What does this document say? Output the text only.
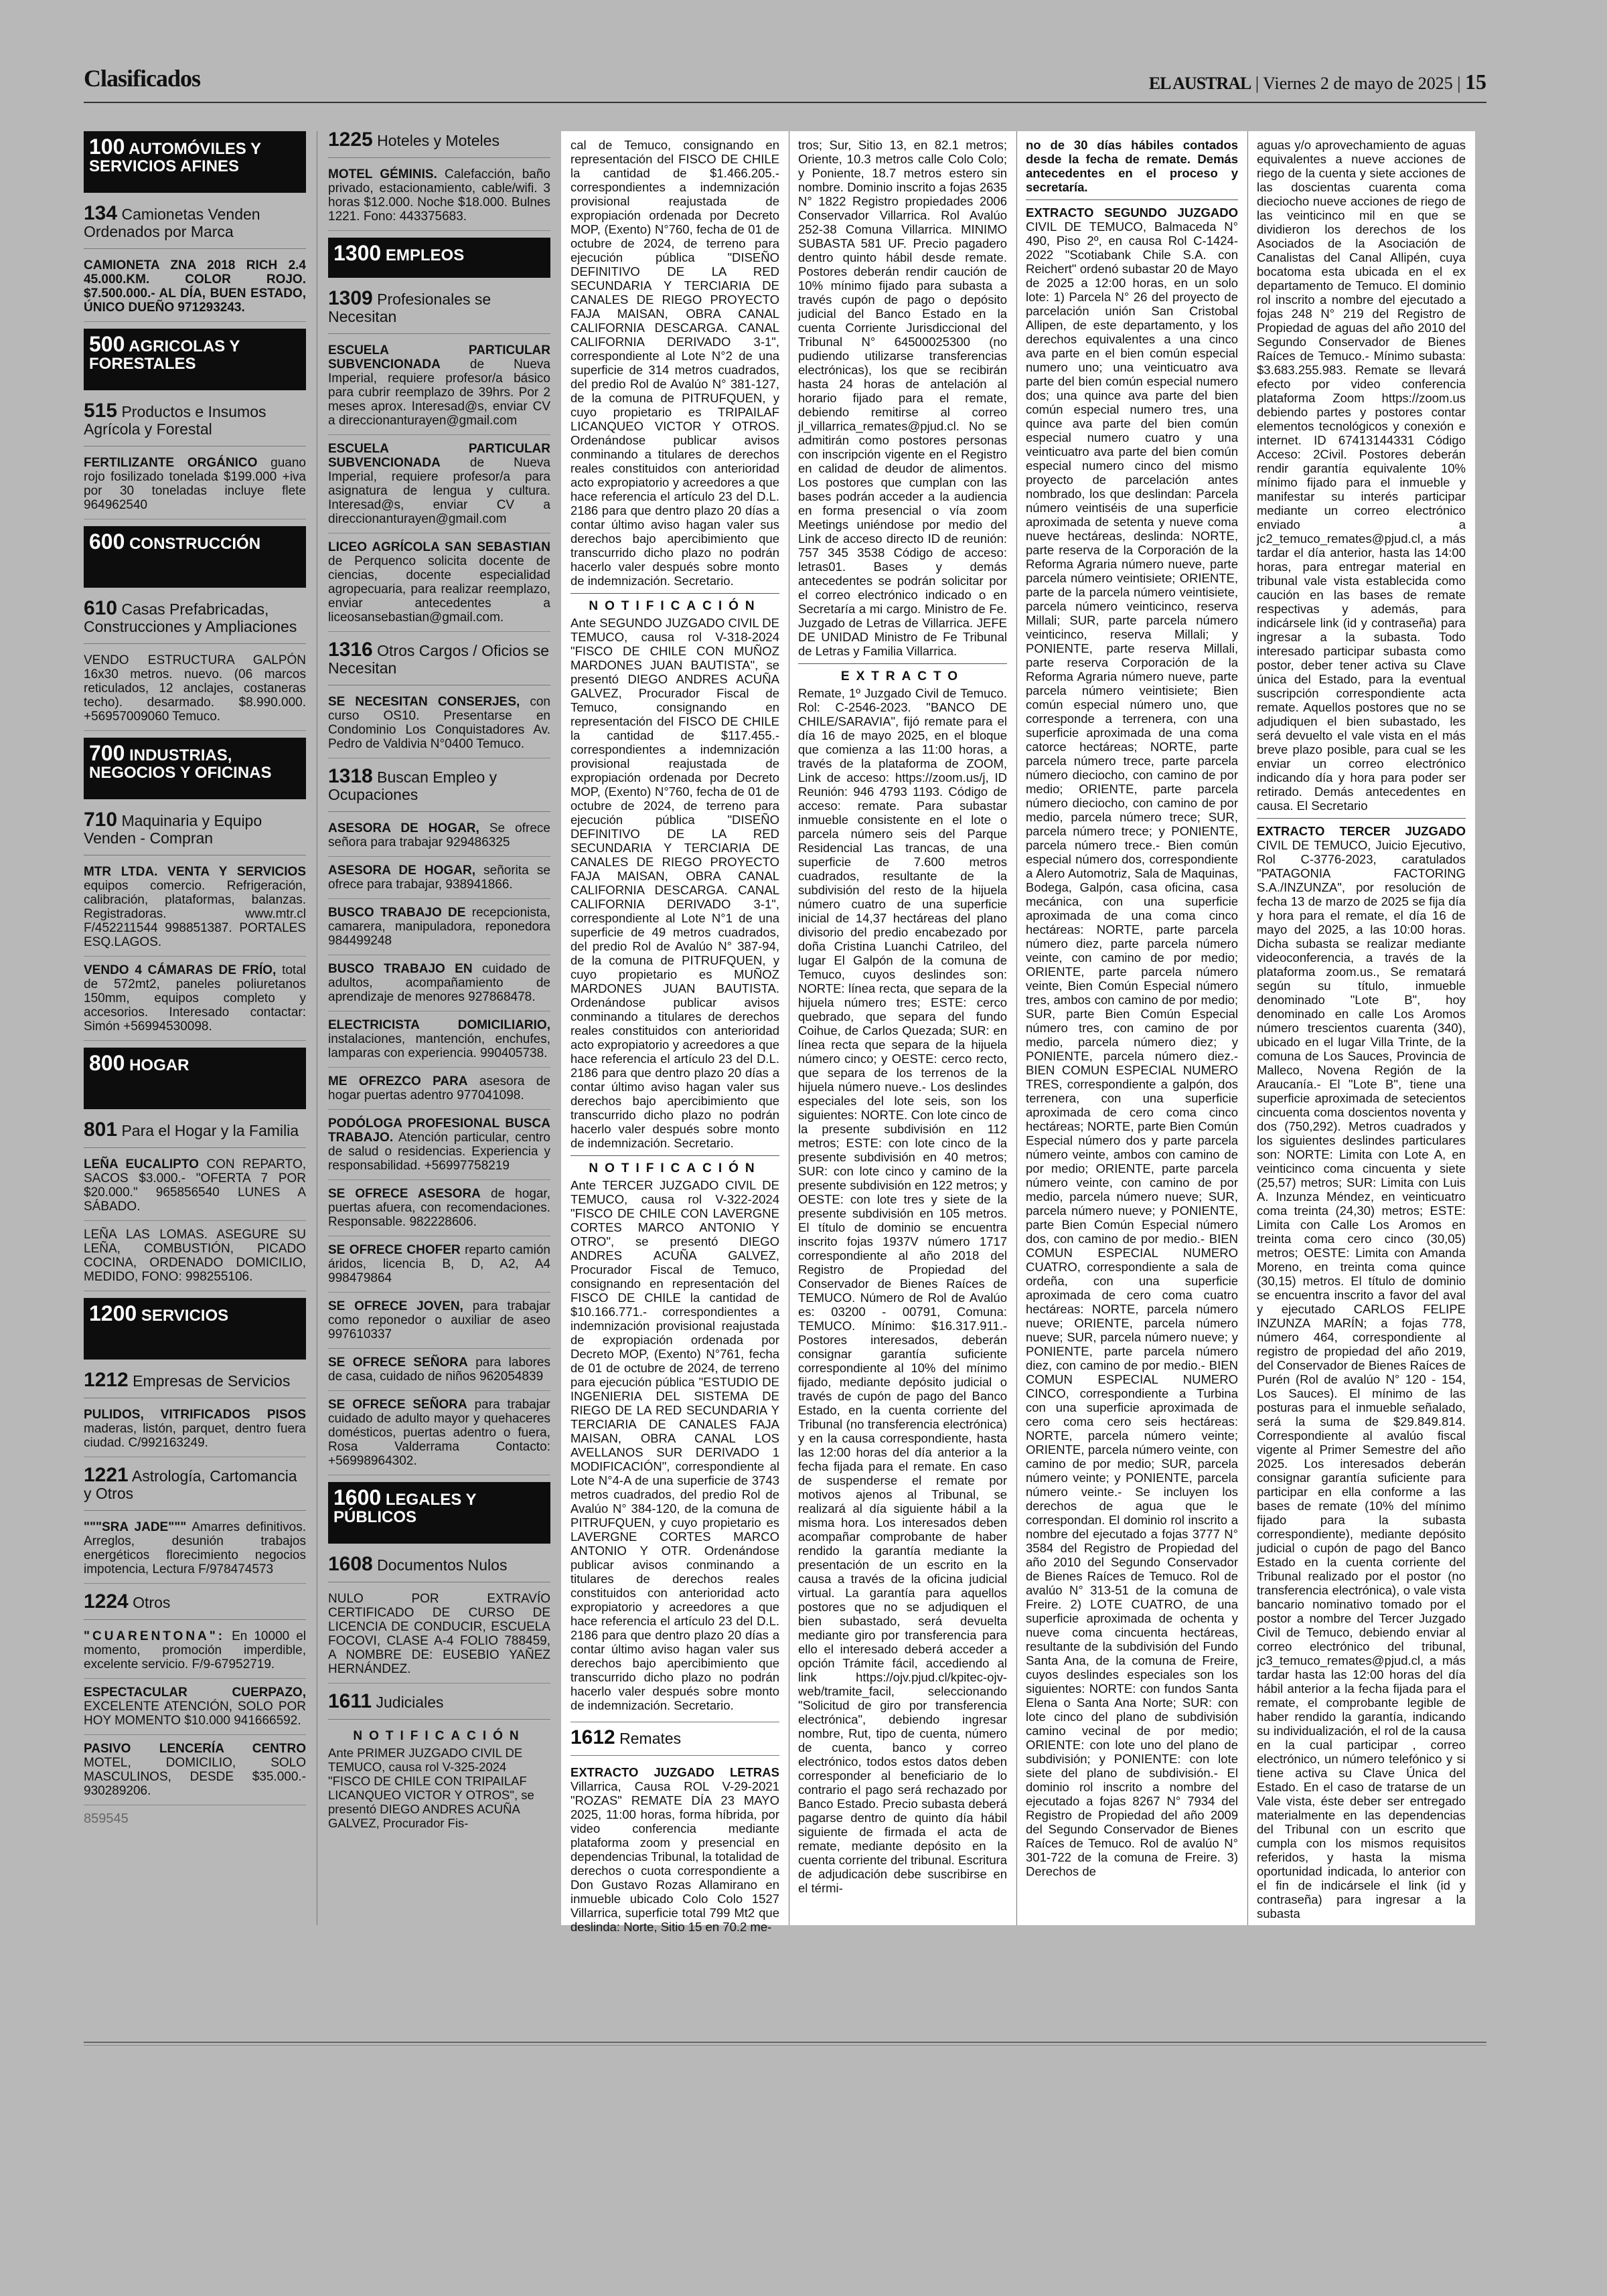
Clasificados	EL AUSTRAL | Viernes 2 de mayo de 2025 | 15
100 AUTOMÓVILES Y SERVICIOS AFINES
134 Camionetas Venden Ordenados por Marca
CAMIONETA ZNA 2018 RICH 2.4 45.000.KM. COLOR ROJO. $7.500.000.- AL DÍA, BUEN ESTADO, ÚNICO DUEÑO 971293243.
500 AGRICOLAS Y FORESTALES
515 Productos e Insumos Agrícola y Forestal
FERTILIZANTE ORGÁNICO guano rojo fosilizado tonelada $199.000 +iva por 30 toneladas incluye flete 964962540
600 CONSTRUCCIÓN
610 Casas Prefabricadas, Construcciones y Ampliaciones
VENDO ESTRUCTURA GALPÓN 16x30 metros. nuevo. (06 marcos reticulados, 12 anclajes, costaneras techo). desarmado. $8.990.000. +56957009060 Temuco.
700 INDUSTRIAS, NEGOCIOS Y OFICINAS
710 Maquinaria y Equipo Venden - Compran
MTR LTDA. VENTA Y SERVICIOS equipos comercio. Refrigeración, calibración, plataformas, balanzas. Registradoras. www.mtr.cl F/452211544 998851387. PORTALES ESQ.LAGOS.
VENDO 4 CÁMARAS DE FRÍO, total de 572mt2, paneles poliuretanos 150mm, equipos completo y accesorios. Interesado contactar: Simón +56994530098.
800 HOGAR
801 Para el Hogar y la Familia
LEÑA EUCALIPTO CON REPARTO, SACOS $3.000.- "OFERTA 7 POR $20.000." 965856540 LUNES A SÁBADO.
LEÑA LAS LOMAS. ASEGURE SU LEÑA, COMBUSTIÓN, PICADO COCINA, ORDENADO DOMICILIO, MEDIDO, FONO: 998255106.
1200 SERVICIOS
1212 Empresas de Servicios
PULIDOS, VITRIFICADOS PISOS maderas, listón, parquet, dentro fuera ciudad. C/992163249.
1221 Astrología, Cartomancia y Otros
"""SRA JADE""" Amarres definitivos. Arreglos, desunión trabajos energéticos florecimiento negocios impotencia, Lectura F/978474573
1224 Otros
"CUARENTONA": En 10000 el momento, promoción imperdible, excelente servicio. F/9-67952719.
ESPECTACULAR CUERPAZO, EXCELENTE ATENCIÓN, SOLO POR HOY MOMENTO $10.000 941666592.
PASIVO LENCERÍA CENTRO MOTEL, DOMICILIO, SOLO MASCULINOS, DESDE $35.000.- 930289206.
859545
1225 Hoteles y Moteles
MOTEL GÉMINIS. Calefacción, baño privado, estacionamiento, cable/wifi. 3 horas $12.000. Noche $18.000. Bulnes 1221. Fono: 443375683.
1300 EMPLEOS
1309 Profesionales se Necesitan
ESCUELA PARTICULAR SUBVENCIONADA de Nueva Imperial, requiere profesor/a básico para cubrir reemplazo de 39hrs. Por 2 meses aprox. Interesad@s, enviar CV a direccionanturayen@gmail.com
ESCUELA PARTICULAR SUBVENCIONADA de Nueva Imperial, requiere profesor/a para asignatura de lengua y cultura. Interesad@s, enviar CV a direccionanturayen@gmail.com
LICEO AGRÍCOLA SAN SEBASTIAN de Perquenco solicita docente de ciencias, docente especialidad agropecuaria, para realizar reemplazo, enviar antecedentes a liceosansebastian@gmail.com.
1316 Otros Cargos / Oficios se Necesitan
SE NECESITAN CONSERJES, con curso OS10. Presentarse en Condominio Los Conquistadores Av. Pedro de Valdivia N°0400 Temuco.
1318 Buscan Empleo y Ocupaciones
ASESORA DE HOGAR, Se ofrece señora para trabajar 929486325
ASESORA DE HOGAR, señorita se ofrece para trabajar, 938941866.
BUSCO TRABAJO DE recepcionista, camarera, manipuladora, reponedora 984499248
BUSCO TRABAJO EN cuidado de adultos, acompañamiento de aprendizaje de menores 927868478.
ELECTRICISTA DOMICILIARIO, instalaciones, mantención, enchufes, lamparas con experiencia. 990405738.
ME OFREZCO PARA asesora de hogar puertas adentro 977041098.
PODÓLOGA PROFESIONAL BUSCA TRABAJO. Atención particular, centro de salud o residencias. Experiencia y responsabilidad. +56997758219
SE OFRECE ASESORA de hogar, puertas afuera, con recomendaciones. Responsable. 982228606.
SE OFRECE CHOFER reparto camión áridos, licencia B, D, A2, A4 998479864
SE OFRECE JOVEN, para trabajar como reponedor o auxiliar de aseo 997610337
SE OFRECE SEÑORA para labores de casa, cuidado de niños 962054839
SE OFRECE SEÑORA para trabajar cuidado de adulto mayor y quehaceres domésticos, puertas adentro o fuera, Rosa Valderrama Contacto: +56998964302.
1600 LEGALES Y PÚBLICOS
1608 Documentos Nulos
NULO POR EXTRAVÍO CERTIFICADO DE CURSO DE LICENCIA DE CONDUCIR, ESCUELA FOCOVI, CLASE A-4 FOLIO 788459, A NOMBRE DE: EUSEBIO YAÑEZ HERNÁNDEZ.
1611 Judiciales
NOTIFICACIÓN
Ante PRIMER JUZGADO CIVIL DE TEMUCO, causa rol V-325-2024 "FISCO DE CHILE CON TRIPAILAF LICANQUEO VICTOR Y OTROS", se presentó DIEGO ANDRES ACUÑA GALVEZ, Procurador Fis-
cal de Temuco, consignando en representación del FISCO DE CHILE la cantidad de $1.466.205.- correspondientes a indemnización provisional reajustada de expropiación ordenada por Decreto MOP, (Exento) N°760, fecha de 01 de octubre de 2024, de terreno para ejecución pública "DISEÑO DEFINITIVO DE LA RED SECUNDARIA Y TERCIARIA DE CANALES DE RIEGO PROYECTO FAJA MAISAN, OBRA CANAL CALIFORNIA DESCARGA. CANAL CALIFORNIA DERIVADO 3-1", correspondiente al Lote N°2 de una superficie de 314 metros cuadrados, del predio Rol de Avalúo N° 381-127, de la comuna de PITRUFQUEN, y cuyo propietario es TRIPAILAF LICANQUEO VICTOR Y OTROS. Ordenándose publicar avisos conminando a titulares de derechos reales constituidos con anterioridad acto expropiatorio y acreedores a que hace referencia el artículo 23 del D.L. 2186 para que dentro plazo 20 días a contar último aviso hagan valer sus derechos bajo apercibimiento que transcurrido dicho plazo no podrán hacerlo valer después sobre monto de indemnización. Secretario.
NOTIFICACIÓN
Ante SEGUNDO JUZGADO CIVIL DE TEMUCO, causa rol V-318-2024 "FISCO DE CHILE CON MUÑOZ MARDONES JUAN BAUTISTA", se presentó DIEGO ANDRES ACUÑA GALVEZ, Procurador Fiscal de Temuco, consignando en representación del FISCO DE CHILE la cantidad de $117.455.- correspondientes a indemnización provisional reajustada de expropiación ordenada por Decreto MOP, (Exento) N°760, fecha de 01 de octubre de 2024, de terreno para ejecución pública "DISEÑO DEFINITIVO DE LA RED SECUNDARIA Y TERCIARIA DE CANALES DE RIEGO PROYECTO FAJA MAISAN, OBRA CANAL CALIFORNIA DESCARGA. CANAL CALIFORNIA DERIVADO 3-1", correspondiente al Lote N°1 de una superficie de 49 metros cuadrados, del predio Rol de Avalúo N° 387-94, de la comuna de PITRUFQUEN, y cuyo propietario es MUÑOZ MARDONES JUAN BAUTISTA. Ordenándose publicar avisos conminando a titulares de derechos reales constituidos con anterioridad acto expropiatorio y acreedores a que hace referencia el artículo 23 del D.L. 2186 para que dentro plazo 20 días a contar último aviso hagan valer sus derechos bajo apercibimiento que transcurrido dicho plazo no podrán hacerlo valer después sobre monto de indemnización. Secretario.
NOTIFICACIÓN
Ante TERCER JUZGADO CIVIL DE TEMUCO, causa rol V-322-2024 "FISCO DE CHILE CON LAVERGNE CORTES MARCO ANTONIO Y OTRO", se presentó DIEGO ANDRES ACUÑA GALVEZ, Procurador Fiscal de Temuco, consignando en representación del FISCO DE CHILE la cantidad de $10.166.771.- correspondientes a indemnización provisional reajustada de expropiación ordenada por Decreto MOP, (Exento) N°761, fecha de 01 de octubre de 2024, de terreno para ejecución pública "ESTUDIO DE INGENIERIA DEL SISTEMA DE RIEGO DE LA RED SECUNDARIA Y TERCIARIA DE CANALES FAJA MAISAN, OBRA CANAL LOS AVELLANOS SUR DERIVADO 1 MODIFICACIÓN", correspondiente al Lote N°4-A de una superficie de 3743 metros cuadrados, del predio Rol de Avalúo N° 384-120, de la comuna de PITRUFQUEN, y cuyo propietario es LAVERGNE CORTES MARCO ANTONIO Y OTR. Ordenándose publicar avisos conminando a titulares de derechos reales constituidos con anterioridad acto expropiatorio y acreedores a que hace referencia el artículo 23 del D.L. 2186 para que dentro plazo 20 días a contar último aviso hagan valer sus derechos bajo apercibimiento que transcurrido dicho plazo no podrán hacerlo valer después sobre monto de indemnización. Secretario.
1612 Remates
EXTRACTO JUZGADO LETRAS Villarrica, Causa ROL V-29-2021 "ROZAS" REMATE DÍA 23 MAYO 2025, 11:00 horas, forma híbrida, por video conferencia mediante plataforma zoom y presencial en dependencias Tribunal, la totalidad de derechos o cuota correspondiente a Don Gustavo Rozas Allamirano en inmueble ubicado Colo Colo 1527 Villarrica, superficie total 799 Mt2 que deslinda: Norte, Sitio 15 en 70.2 me-
tros; Sur, Sitio 13, en 82.1 metros; Oriente, 10.3 metros calle Colo Colo; y Poniente, 18.7 metros estero sin nombre. Dominio inscrito a fojas 2635 N° 1822 Registro propiedades 2006 Conservador Villarrica. Rol Avalúo 252-38 Comuna Villarrica. MINIMO SUBASTA 581 UF. Precio pagadero dentro quinto hábil desde remate. Postores deberán rendir caución de 10% mínimo fijado para subasta a través cupón de pago o depósito judicial del Banco Estado en la cuenta Corriente Jurisdiccional del Tribunal N° 64500025300 (no pudiendo utilizarse transferencias electrónicas), los que se recibirán hasta 24 horas de antelación al horario fijado para el remate, debiendo remitirse al correo jl_villarrica_remates@pjud.cl. No se admitirán como postores personas con inscripción vigente en el Registro en calidad de deudor de alimentos. Los postores que cumplan con las bases podrán acceder a la audiencia en forma presencial o vía zoom Meetings uniéndose por medio del Link de acceso directo ID de reunión: 757 345 3538 Código de acceso: letras01. Bases y demás antecedentes se podrán solicitar por el correo electrónico indicado o en Secretaría a mi cargo. Ministro de Fe. Juzgado de Letras de Villarrica. JEFE DE UNIDAD Ministro de Fe Tribunal de Letras y Familia Villarrica.
EXTRACTO
Remate, 1º Juzgado Civil de Temuco. Rol: C-2546-2023. "BANCO DE CHILE/SARAVIA", fijó remate para el día 16 de mayo 2025, en el bloque que comienza a las 11:00 horas, a través de la plataforma de ZOOM, Link de acceso: https://zoom.us/j, ID Reunión: 946 4793 1193. Código de acceso: remate. Para subastar inmueble consistente en el lote o parcela número seis del Parque Residencial Las trancas, de una superficie de 7.600 metros cuadrados, resultante de la subdivisión del resto de la hijuela número cuatro de una superficie inicial de 14,37 hectáreas del plano divisorio del predio encabezado por doña Cristina Luanchi Catrileo, del lugar El Galpón de la comuna de Temuco, cuyos deslindes son: NORTE: línea recta, que separa de la hijuela número tres; ESTE: cerco quebrado, que separa del fundo Coihue, de Carlos Quezada; SUR: en línea recta que separa de la hijuela número cinco; y OESTE: cerco recto, que separa de los terrenos de la hijuela número nueve.- Los deslindes especiales del lote seis, son los siguientes: NORTE. Con lote cinco de la presente subdivisión en 112 metros; ESTE: con lote cinco de la presente subdivisión en 40 metros; SUR: con lote cinco y camino de la presente subdivisión en 122 metros; y OESTE: con lote tres y siete de la presente subdivisión en 105 metros. El título de dominio se encuentra inscrito fojas 1937V número 1717 correspondiente al año 2018 del Registro de Propiedad del Conservador de Bienes Raíces de TEMUCO. Número de Rol de Avalúo es: 03200 - 00791, Comuna: TEMUCO. Mínimo: $16.317.911.- Postores interesados, deberán consignar garantía suficiente correspondiente al 10% del mínimo fijado, mediante depósito judicial o través de cupón de pago del Banco Estado, en la cuenta corriente del Tribunal (no transferencia electrónica) y en la causa correspondiente, hasta las 12:00 horas del día anterior a la fecha fijada para el remate. En caso de suspenderse el remate por motivos ajenos al Tribunal, se realizará al día siguiente hábil a la misma hora. Los interesados deben acompañar comprobante de haber rendido la garantía mediante la presentación de un escrito en la causa a través de la oficina judicial virtual. La garantía para aquellos postores que no se adjudiquen el bien subastado, será devuelta mediante giro por transferencia para ello el interesado deberá acceder a opción Trámite fácil, accediendo al link https://ojv.pjud.cl/kpitec-ojv-web/tramite_facil, seleccionando "Solicitud de giro por transferencia electrónica", debiendo ingresar nombre, Rut, tipo de cuenta, número de cuenta, banco y correo electrónico, todos estos datos deben corresponder al beneficiario de lo contrario el pago será rechazado por Banco Estado. Precio subasta deberá pagarse dentro de quinto día hábil siguiente de firmada el acta de remate, mediante depósito en la cuenta corriente del tribunal. Escritura de adjudicación debe suscribirse en el térmi-
no de 30 días hábiles contados desde la fecha de remate. Demás antecedentes en el proceso y secretaría.
EXTRACTO SEGUNDO JUZGADO CIVIL DE TEMUCO, Balmaceda N° 490, Piso 2º, en causa Rol C-1424-2022 "Scotiabank Chile S.A. con Reichert" ordenó subastar 20 de Mayo de 2025 a 12:00 horas, en un solo lote: 1) Parcela N° 26 del proyecto de parcelación unión San Cristobal Allipen, de este departamento, y los derechos equivalentes a una cinco ava parte en el bien común especial numero uno; una veinticuatro ava parte del bien común especial numero dos; una quince ava parte del bien común especial numero tres, una quince ava parte del bien común especial numero cuatro y una veinticuatro ava parte del bien común especial numero cinco del mismo proyecto de parcelación antes nombrado, los que deslindan: Parcela número veintiséis de una superficie aproximada de setenta y nueve coma nueve hectáreas, deslinda: NORTE, parte reserva de la Corporación de la Reforma Agraria número nueve, parte parcela número veintisiete; ORIENTE, parte de la parcela número veintisiete, parcela número veinticinco, reserva Millali; SUR, parte parcela número veinticinco, reserva Millali; y PONIENTE, parte reserva Millali, parte reserva Corporación de la Reforma Agraria número nueve, parte parcela número veintisiete; Bien común especial número uno, que corresponde a terrenera, con una superficie aproximada de una coma catorce hectáreas; NORTE, parte parcela número trece, parte parcela número dieciocho, con camino de por medio; ORIENTE, parte parcela número dieciocho, con camino de por medio, parcela número trece; SUR, parcela número trece; y PONIENTE, parcela número trece.- Bien común especial número dos, correspondiente a Alero Automotriz, Sala de Maquinas, Bodega, Galpón, casa oficina, casa mecánica, con una superficie aproximada de una coma cinco hectáreas: NORTE, parte parcela número diez, parte parcela número veinte, con camino de por medio; ORIENTE, parte parcela número veinte, Bien Común Especial número tres, ambos con camino de por medio; SUR, parte Bien Común Especial número tres, con camino de por medio, parcela número diez; y PONIENTE, parcela número diez.- BIEN COMUN ESPECIAL NUMERO TRES, correspondiente a galpón, dos terrenera, con una superficie aproximada de cero coma cinco hectáreas; NORTE, parte Bien Común Especial número dos y parte parcela número veinte, ambos con camino de por medio; ORIENTE, parte parcela número veinte, con camino de por medio, parcela número nueve; SUR, parcela número nueve; y PONIENTE, parte Bien Común Especial número dos, con camino de por medio.- BIEN COMUN ESPECIAL NUMERO CUATRO, correspondiente a sala de ordeña, con una superficie aproximada de cero coma cuatro hectáreas: NORTE, parcela número nueve; ORIENTE, parcela número nueve; SUR, parcela número nueve; y PONIENTE, parte parcela número diez, con camino de por medio.- BIEN COMUN ESPECIAL NUMERO CINCO, correspondiente a Turbina con una superficie aproximada de cero coma cero seis hectáreas: NORTE, parcela número veinte; ORIENTE, parcela número veinte, con camino de por medio; SUR, parcela número veinte; y PONIENTE, parcela número veinte.- Se incluyen los derechos de agua que le correspondan. El dominio rol inscrito a nombre del ejecutado a fojas 3777 N° 3584 del Registro de Propiedad del año 2010 del Segundo Conservador de Bienes Raíces de Temuco. Rol de avalúo N° 313-51 de la comuna de Freire. 2) LOTE CUATRO, de una superficie aproximada de ochenta y nueve coma cincuenta hectáreas, resultante de la subdivisión del Fundo Santa Ana, de la comuna de Freire, cuyos deslindes especiales son los siguientes: NORTE: con fundos Santa Elena o Santa Ana Norte; SUR: con lote cinco del plano de subdivisión camino vecinal de por medio; ORIENTE: con lote uno del plano de subdivisión; y PONIENTE: con lote siete del plano de subdivisión.- El dominio rol inscrito a nombre del ejecutado a fojas 8267 N° 7934 del Registro de Propiedad del año 2009 del Segundo Conservador de Bienes Raíces de Temuco. Rol de avalúo N° 301-722 de la comuna de Freire. 3) Derechos de
aguas y/o aprovechamiento de aguas equivalentes a nueve acciones de riego de la cuenta y siete acciones de las doscientas cuarenta coma dieciocho nueve acciones de riego de las veinticinco mil en que se dividieron los derechos de los Asociados de la Asociación de Canalistas del Canal Allipén, cuya bocatoma esta ubicada en el ex departamento de Temuco. El dominio rol inscrito a nombre del ejecutado a fojas 248 N° 219 del Registro de Propiedad de aguas del año 2010 del Segundo Conservador de Bienes Raíces de Temuco.- Mínimo subasta: $3.683.255.983. Remate se llevará efecto por video conferencia plataforma Zoom https://zoom.us debiendo partes y postores contar elementos tecnológicos y conexión e internet. ID 67413144331 Código Acceso: 2Civil. Postores deberán rendir garantía equivalente 10% mínimo fijado para el inmueble y manifestar su interés participar mediante un correo electrónico enviado a jc2_temuco_remates@pjud.cl, a más tardar el día anterior, hasta las 14:00 horas, para entregar material en tribunal vale vista establecida como caución en las bases de remate respectivas y además, para indicársele link (id y contraseña) para ingresar a la subasta. Todo interesado participar subasta como postor, deber tener activa su Clave única del Estado, para la eventual suscripción correspondiente acta remate. Aquellos postores que no se adjudiquen el bien subastado, les será devuelto el vale vista en el más breve plazo posible, para cual se les enviar un correo electrónico indicando día y hora para poder ser retirado. Demás antecedentes en causa. El Secretario
EXTRACTO TERCER JUZGADO CIVIL DE TEMUCO, Juicio Ejecutivo, Rol C-3776-2023, caratulados "PATAGONIA FACTORING S.A./INZUNZA", por resolución de fecha 13 de marzo de 2025 se fija día y hora para el remate, el día 16 de mayo del 2025, a las 10:00 horas. Dicha subasta se realizar mediante videoconferencia, a través de la plataforma zoom.us., Se rematará según su título, inmueble denominado "Lote B", hoy denominado en calle Los Aromos número trescientos cuarenta (340), ubicado en el lugar Villa Trinte, de la comuna de Los Sauces, Provincia de Malleco, Novena Región de la Araucanía.- El "Lote B", tiene una superficie aproximada de setecientos cincuenta coma doscientos noventa y dos (750,292). Metros cuadrados y los siguientes deslindes particulares son: NORTE: Limita con Lote A, en veinticinco coma cincuenta y siete (25,57) metros; SUR: Limita con Luis A. Inzunza Méndez, en veinticuatro coma treinta (24,30) metros; ESTE: Limita con Calle Los Aromos en treinta coma cero cinco (30,05) metros; OESTE: Limita con Amanda Moreno, en treinta coma quince (30,15) metros. El título de dominio se encuentra inscrito a favor del aval y ejecutado CARLOS FELIPE INZUNZA MARÍN; a fojas 778, número 464, correspondiente al registro de propiedad del año 2019, del Conservador de Bienes Raíces de Purén (Rol de avalúo N° 120 - 154, Los Sauces). El mínimo de las posturas para el inmueble señalado, será la suma de $29.849.814. Correspondiente al avalúo fiscal vigente al Primer Semestre del año 2025. Los interesados deberán consignar garantía suficiente para participar en ella conforme a las bases de remate (10% del mínimo fijado para la subasta correspondiente), mediante depósito judicial o cupón de pago del Banco Estado en la cuenta corriente del Tribunal realizado por el postor (no transferencia electrónica), o vale vista bancario nominativo tomado por el postor a nombre del Tercer Juzgado Civil de Temuco, debiendo enviar al correo electrónico del tribunal, jc3_temuco_remates@pjud.cl, a más tardar hasta las 12:00 horas del día hábil anterior a la fecha fijada para el remate, el comprobante legible de haber rendido la garantía, indicando su individualización, el rol de la causa en la cual participar , correo electrónico, un número telefónico y si tiene activa su Clave Única del Estado. En el caso de tratarse de un Vale vista, éste deber ser entregado materialmente en las dependencias del Tribunal con un escrito que cumpla con los mismos requisitos referidos, y hasta la misma oportunidad indicada, lo anterior con el fin de indicársele el link (id y contraseña) para ingresar a la subasta
